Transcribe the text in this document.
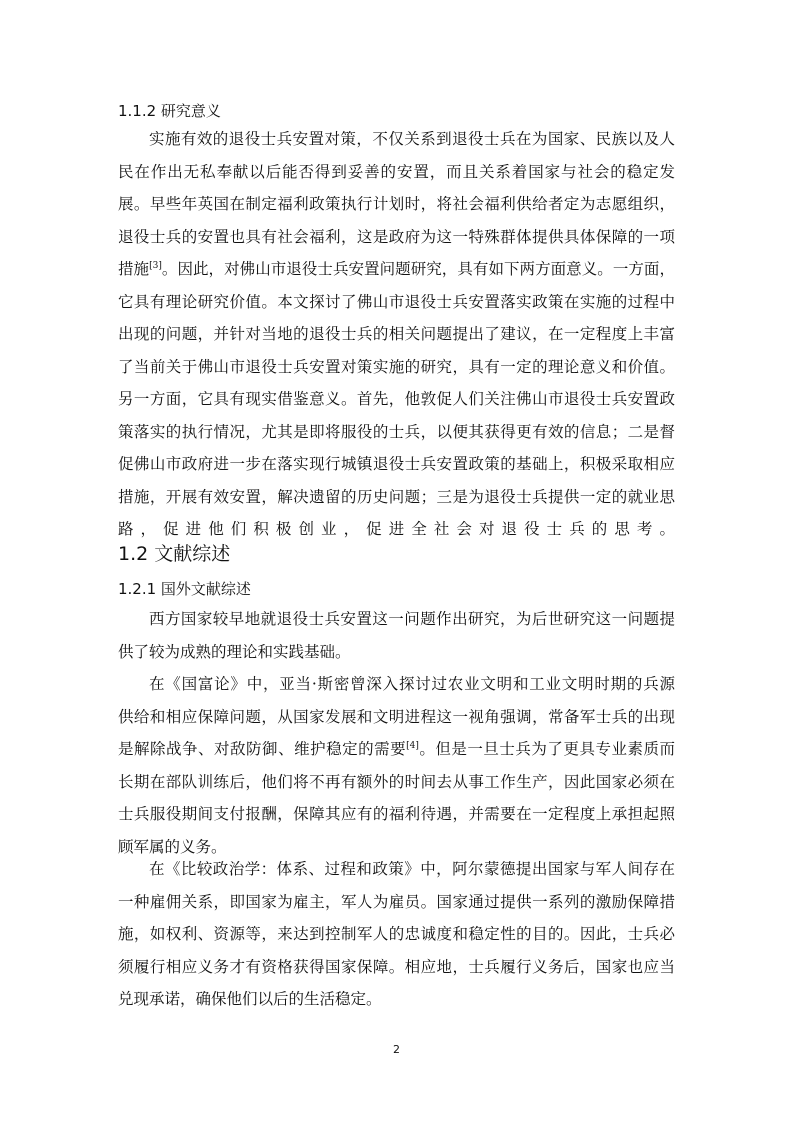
1.1.2 研究意义
实施有效的退役士兵安置对策，不仅关系到退役士兵在为国家、民族以及人
民在作出无私奉献以后能否得到妥善的安置，而且关系着国家与社会的稳定发
展。早些年英国在制定福利政策执行计划时，将社会福利供给者定为志愿组织，
退役士兵的安置也具有社会福利，这是政府为这一特殊群体提供具体保障的一项
措施[3]。因此，对佛山市退役士兵安置问题研究，具有如下两方面意义。一方面，
它具有理论研究价值。本文探讨了佛山市退役士兵安置落实政策在实施的过程中
出现的问题，并针对当地的退役士兵的相关问题提出了建议，在一定程度上丰富
了当前关于佛山市退役士兵安置对策实施的研究，具有一定的理论意义和价值。
另一方面，它具有现实借鉴意义。首先，他敦促人们关注佛山市退役士兵安置政
策落实的执行情况，尤其是即将服役的士兵，以便其获得更有效的信息；二是督
促佛山市政府进一步在落实现行城镇退役士兵安置政策的基础上，积极采取相应
措施，开展有效安置，解决遗留的历史问题；三是为退役士兵提供一定的就业思
路，促进他们积极创业，促进全社会对退役士兵的思考。
1.2 文献综述
1.2.1 国外文献综述
西方国家较早地就退役士兵安置这一问题作出研究，为后世研究这一问题提
供了较为成熟的理论和实践基础。
在《国富论》中，亚当·斯密曾深入探讨过农业文明和工业文明时期的兵源
供给和相应保障问题，从国家发展和文明进程这一视角强调，常备军士兵的出现
是解除战争、对敌防御、维护稳定的需要[4]。但是一旦士兵为了更具专业素质而
长期在部队训练后，他们将不再有额外的时间去从事工作生产，因此国家必须在
士兵服役期间支付报酬，保障其应有的福利待遇，并需要在一定程度上承担起照
顾军属的义务。
在《比较政治学：体系、过程和政策》中，阿尔蒙德提出国家与军人间存在
一种雇佣关系，即国家为雇主，军人为雇员。国家通过提供一系列的激励保障措
施，如权利、资源等，来达到控制军人的忠诚度和稳定性的目的。因此，士兵必
须履行相应义务才有资格获得国家保障。相应地，士兵履行义务后，国家也应当
兑现承诺，确保他们以后的生活稳定。
2
